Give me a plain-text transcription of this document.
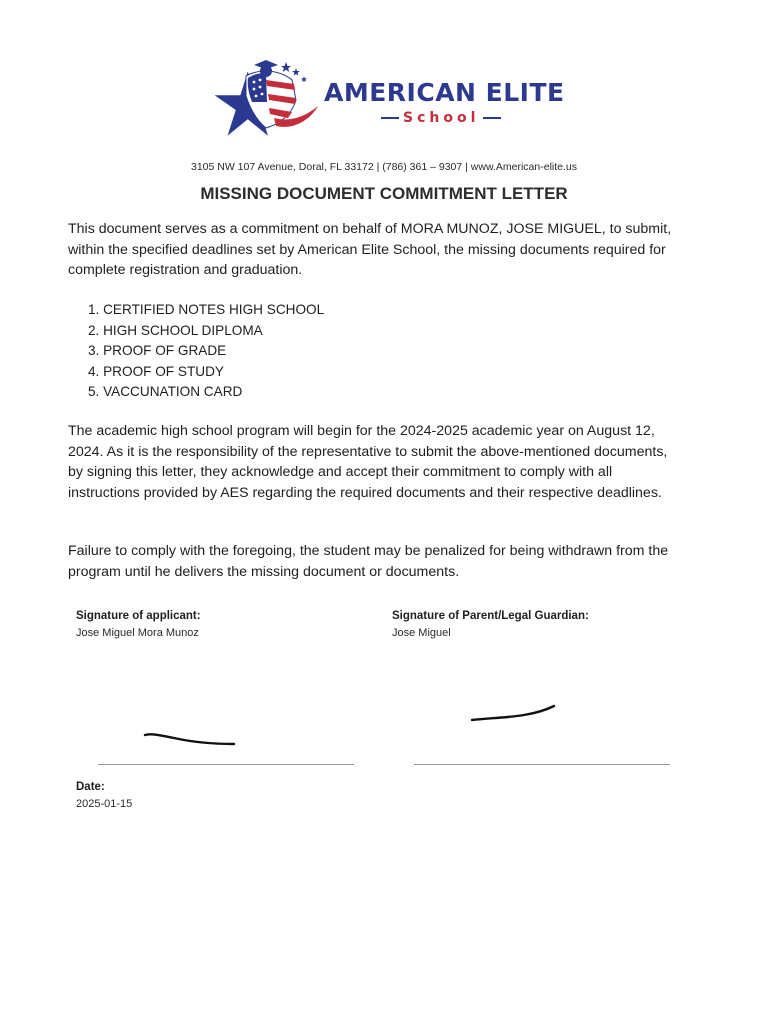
AMERICAN ELITE
School
3105 NW 107 Avenue, Doral, FL 33172 | (786) 361 – 9307 | www.American-elite.us
MISSING DOCUMENT COMMITMENT LETTER

This document serves as a commitment on behalf of MORA MUNOZ, JOSE MIGUEL, to submit, within the specified deadlines set by American Elite School, the missing documents required for complete registration and graduation.

1. CERTIFIED NOTES HIGH SCHOOL
2. HIGH SCHOOL DIPLOMA
3. PROOF OF GRADE
4. PROOF OF STUDY
5. VACCUNATION CARD

The academic high school program will begin for the 2024-2025 academic year on August 12, 2024. As it is the responsibility of the representative to submit the above-mentioned documents, by signing this letter, they acknowledge and accept their commitment to comply with all instructions provided by AES regarding the required documents and their respective deadlines.

Failure to comply with the foregoing, the student may be penalized for being withdrawn from the program until he delivers the missing document or documents.

Signature of applicant:
Jose Miguel Mora Munoz
Signature of Parent/Legal Guardian:
Jose Miguel
Date:
2025-01-15
